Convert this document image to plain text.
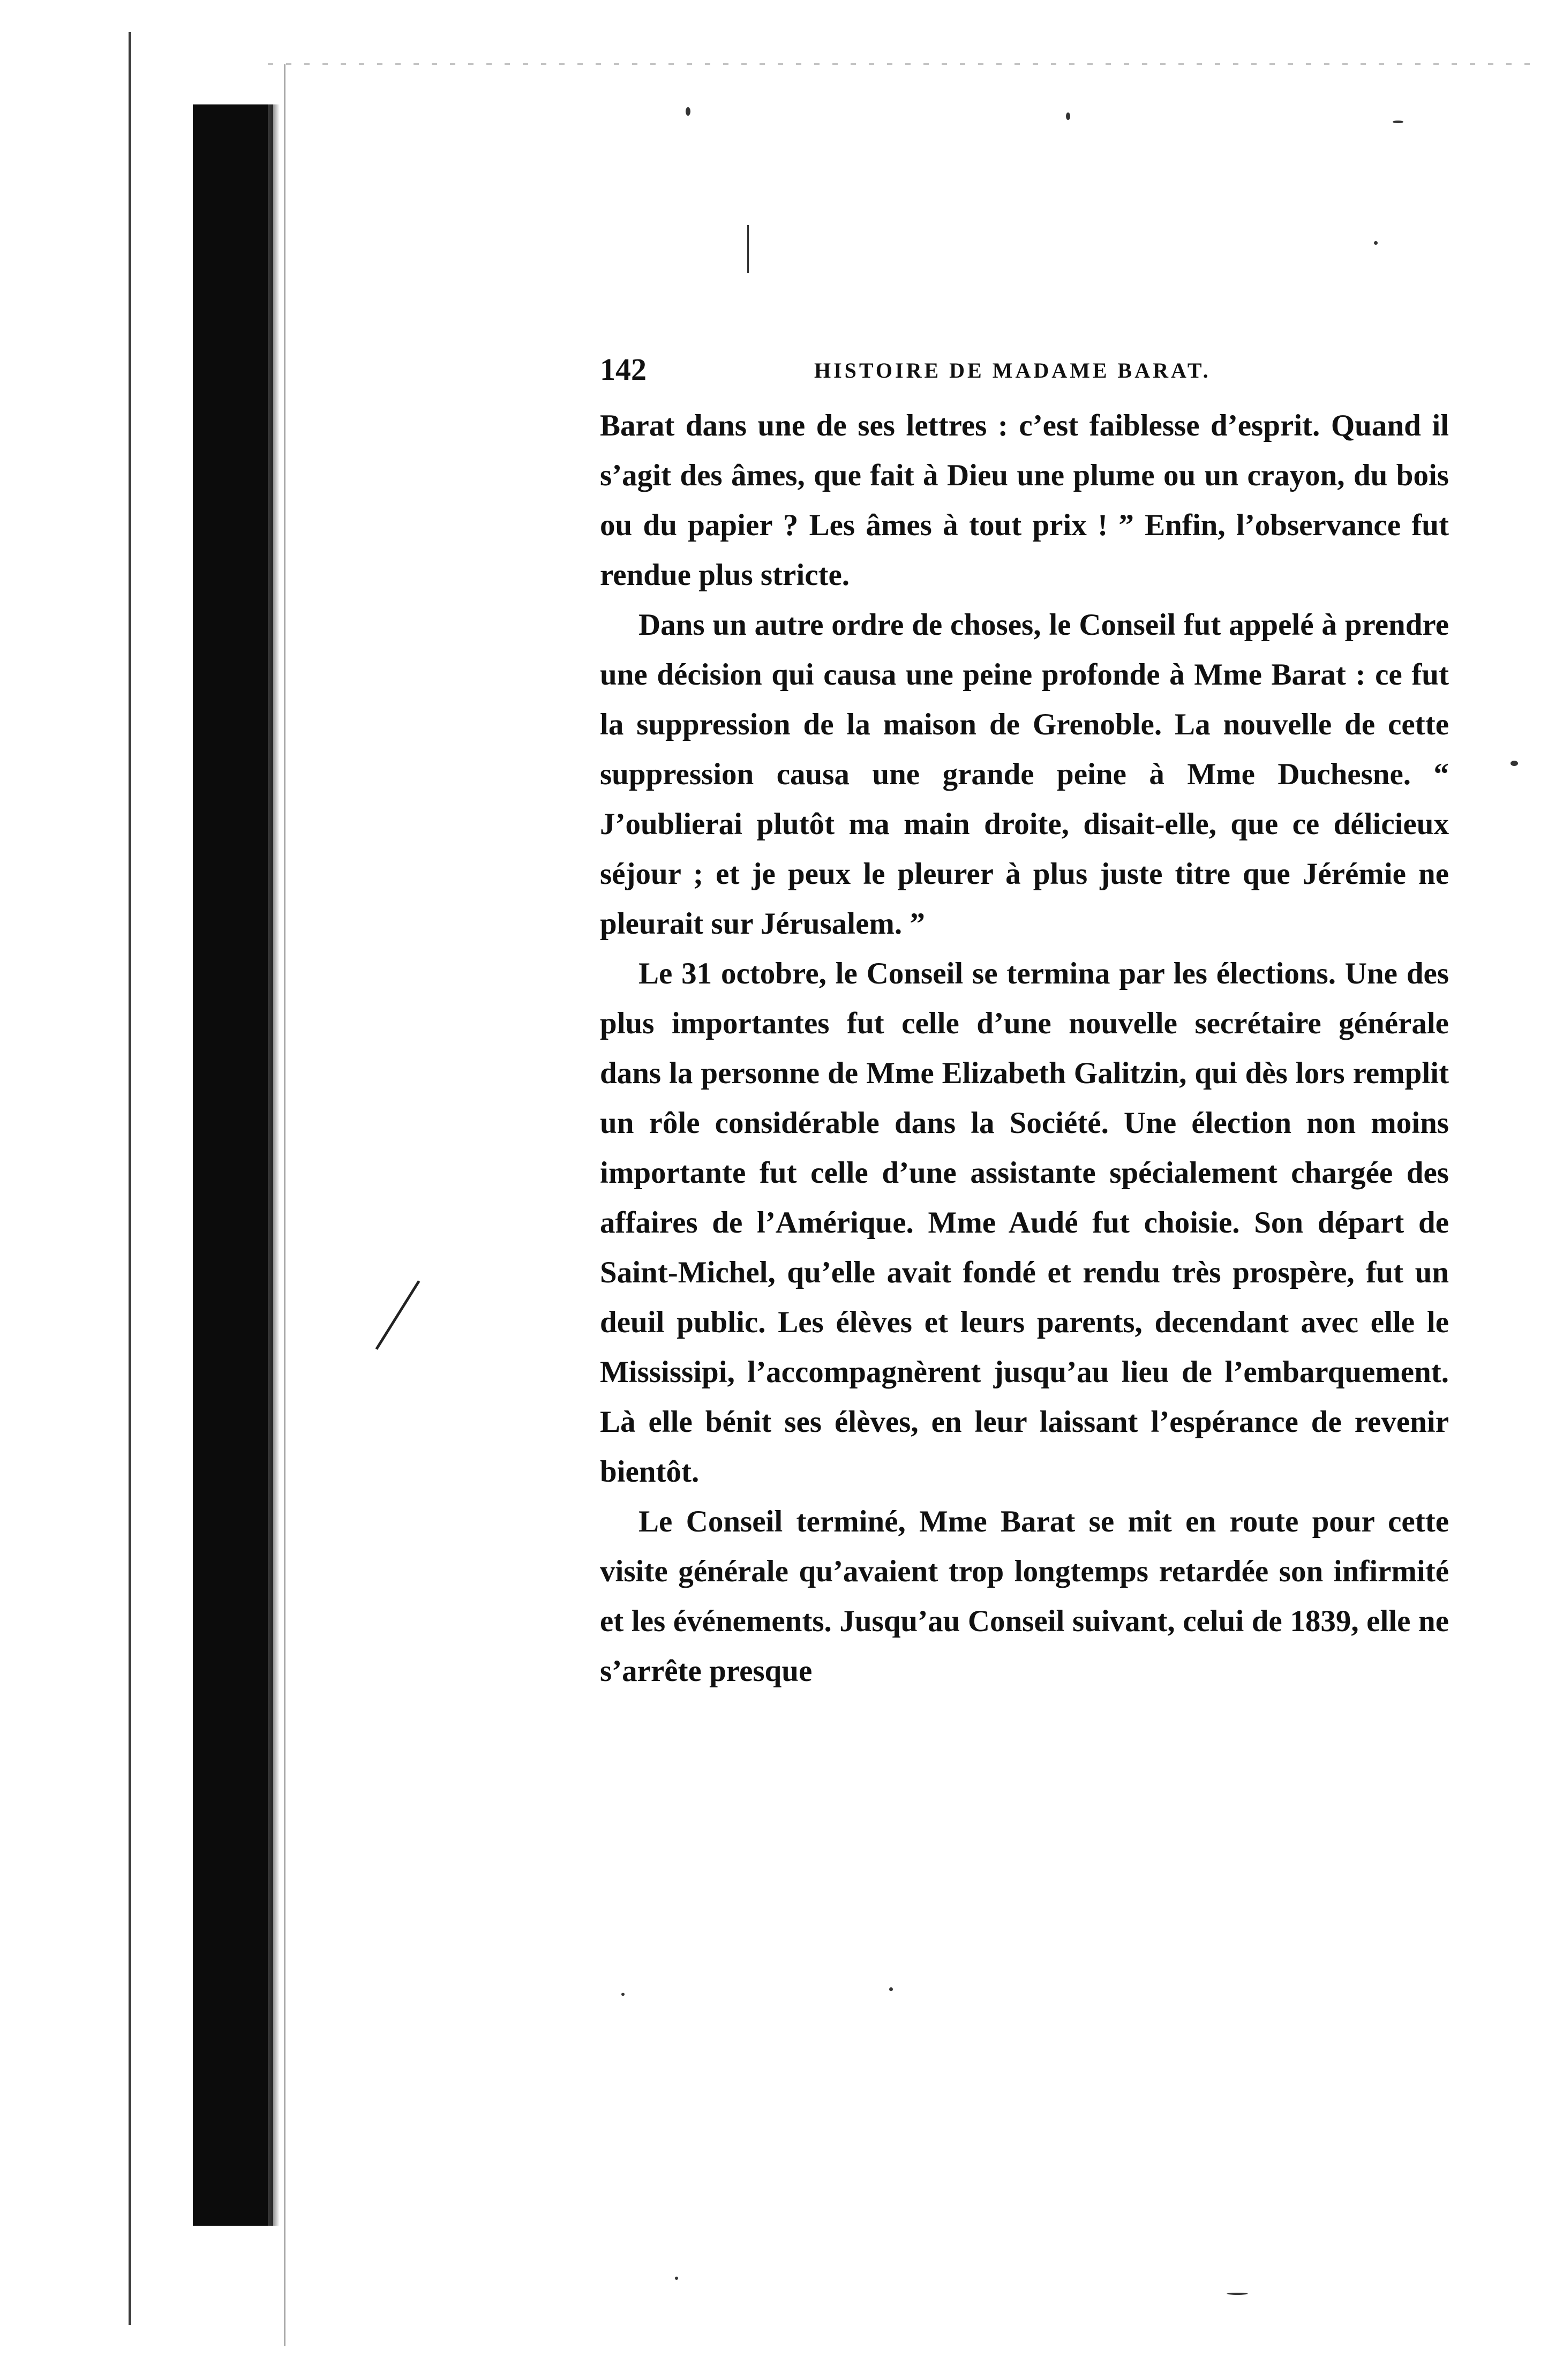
142	HISTOIRE DE MADAME BARAT.

Barat dans une de ses lettres : c’est faiblesse d’esprit. Quand il s’agit des âmes, que fait à Dieu une plume ou un crayon, du bois ou du papier ? Les âmes à tout prix ! ” Enfin, l’observance fut rendue plus stricte.

Dans un autre ordre de choses, le Conseil fut appelé à prendre une décision qui causa une peine profonde à Mme Barat : ce fut la suppression de la maison de Grenoble. La nouvelle de cette suppression causa une grande peine à Mme Duchesne. “ J’oublierai plutôt ma main droite, disait-elle, que ce délicieux séjour ; et je peux le pleurer à plus juste titre que Jérémie ne pleurait sur Jérusalem. ”

Le 31 octobre, le Conseil se termina par les élections. Une des plus importantes fut celle d’une nouvelle secrétaire générale dans la personne de Mme Elizabeth Galitzin, qui dès lors remplit un rôle considérable dans la Société. Une élection non moins importante fut celle d’une assistante spécialement chargée des affaires de l’Amérique. Mme Audé fut choisie. Son départ de Saint-Michel, qu’elle avait fondé et rendu très prospère, fut un deuil public. Les élèves et leurs parents, decendant avec elle le Mississipi, l’accompagnèrent jusqu’au lieu de l’embarquement. Là elle bénit ses élèves, en leur laissant l’espérance de revenir bientôt.

Le Conseil terminé, Mme Barat se mit en route pour cette visite générale qu’avaient trop longtemps retardée son infirmité et les événements. Jusqu’au Conseil suivant, celui de 1839, elle ne s’arrête presque
